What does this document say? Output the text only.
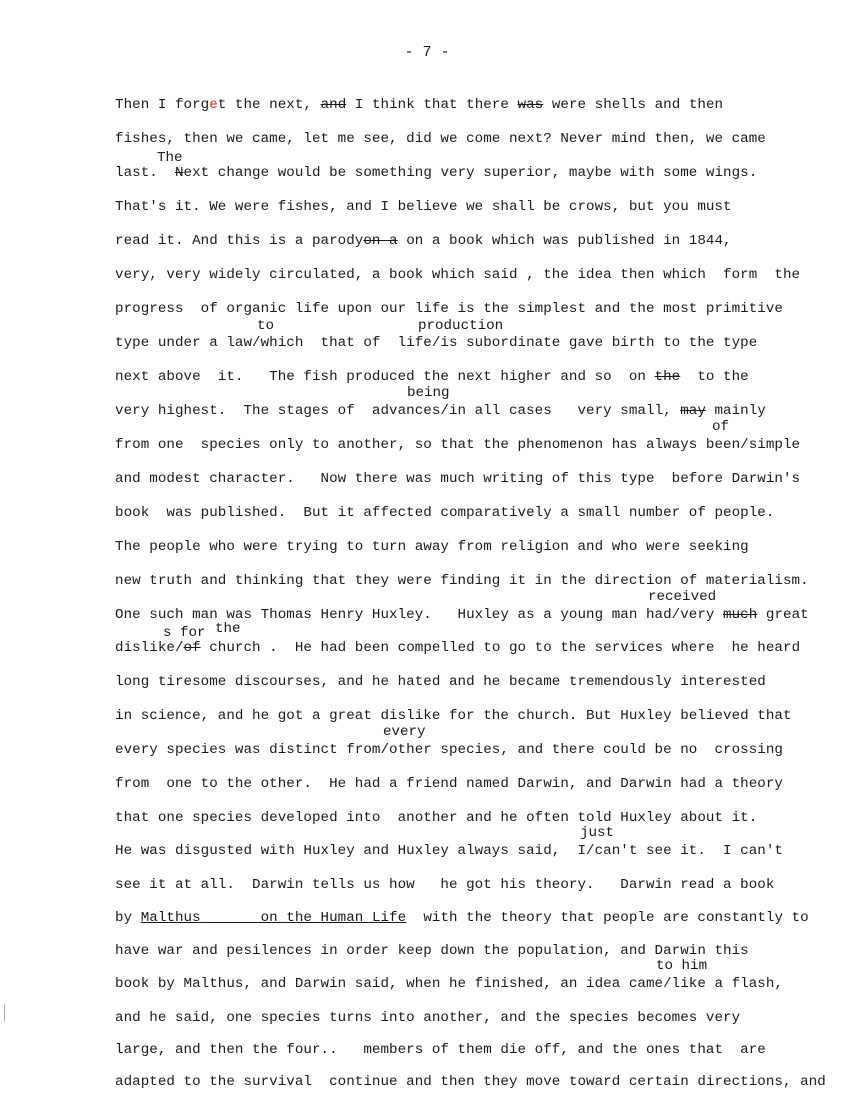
- 7 -
Then I forget the next, and I think that there was were shells and then
fishes, then we came, let me see, did we come next? Never mind then, we came
The
last.  Next change would be something very superior, maybe with some wings.
That's it. We were fishes, and I believe we shall be crows, but you must
read it. And this is a parodyon a on a book which was published in 1844,
very, very widely circulated, a book which said , the idea then which  form  the
progress  of organic life upon our life is the simplest and the most primitive
to	production
type under a law/which  that of  life/is subordinate gave birth to the type
next above  it.   The fish produced the next higher and so  on the  to the
being
very highest.  The stages of  advances/in all cases   very small, may mainly
of
from one  species only to another, so that the phenomenon has always been/simple
and modest character.   Now there was much writing of this type  before Darwin's
book  was published.  But it affected comparatively a small number of people.
The people who were trying to turn away from religion and who were seeking
new truth and thinking that they were finding it in the direction of materialism.
received
One such man was Thomas Henry Huxley.   Huxley as a young man had/very much great
s for the
dislike/of church .  He had been compelled to go to the services where  he heard
long tiresome discourses, and he hated and he became tremendously interested
in science, and he got a great dislike for the church. But Huxley believed that
every
every species was distinct from/other species, and there could be no  crossing
from  one to the other.  He had a friend named Darwin, and Darwin had a theory
that one species developed into  another and he often told Huxley about it.
just
He was disgusted with Huxley and Huxley always said,  I/can't see it.  I can't
see it at all.  Darwin tells us how   he got his theory.   Darwin read a book
by Malthus       on the Human Life  with the theory that people are constantly to
have war and pesilences in order keep down the population, and Darwin this
to him
book by Malthus, and Darwin said, when he finished, an idea came/like a flash,
and he said, one species turns into another, and the species becomes very
large, and then the four..   members of them die off, and the ones that  are
adapted to the survival  continue and then they move toward certain directions, and
